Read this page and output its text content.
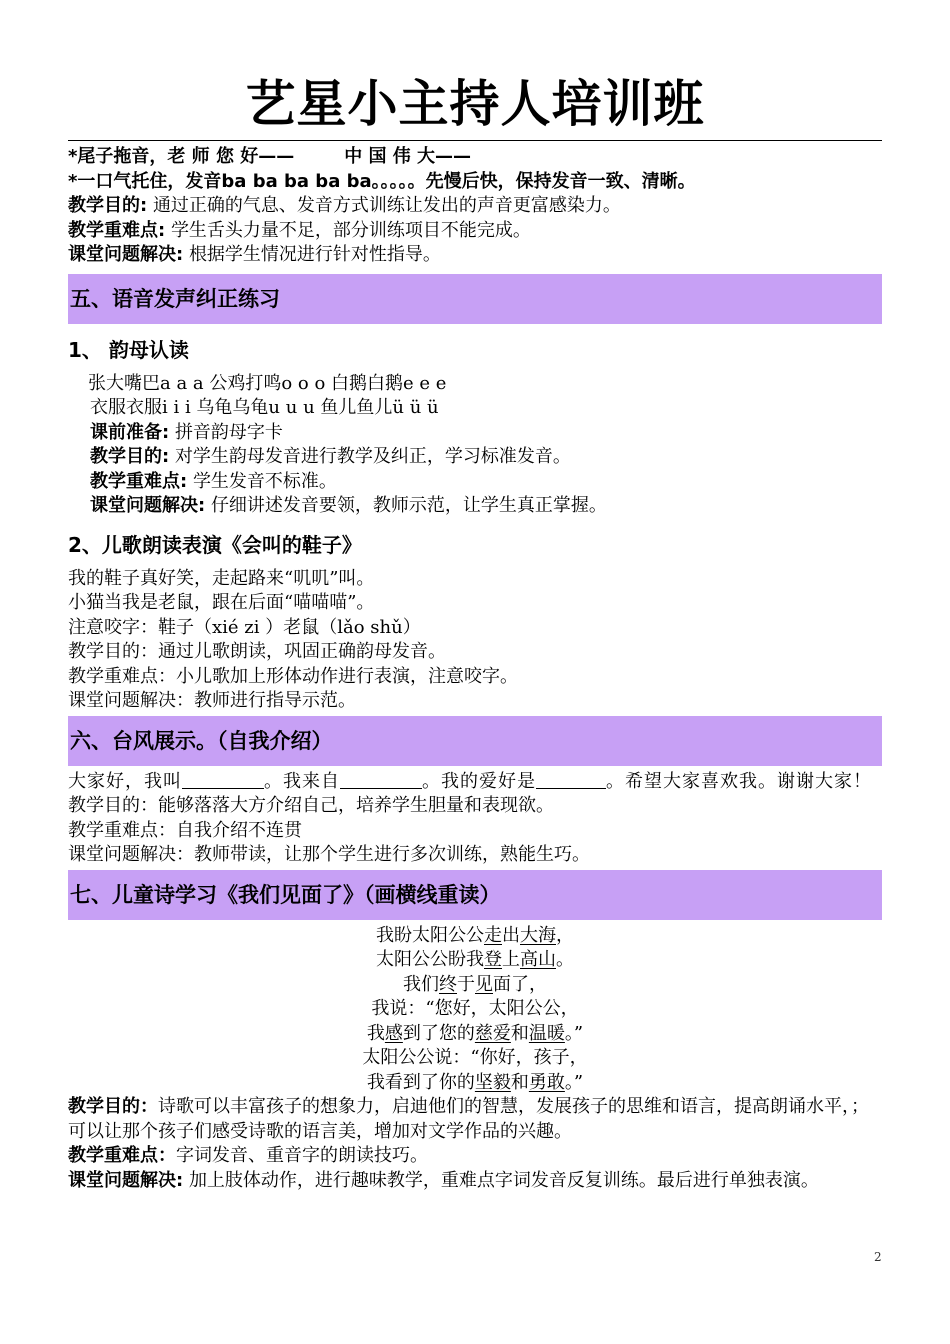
艺星小主持人培训班
*尾子拖音，老 师 您 好——	中 国 伟 大——
*一口气托住，发音ba ba ba ba ba。。。。。先慢后快，保持发音一致、清晰。
教学目的: 通过正确的气息、发音方式训练让发出的声音更富感染力。
教学重难点: 学生舌头力量不足，部分训练项目不能完成。
课堂问题解决: 根据学生情况进行针对性指导。
五、语音发声纠正练习
1、 韵母认读
张大嘴巴a a a 公鸡打鸣o o o 白鹅白鹅e e e
衣服衣服i i i 乌龟乌龟u u u 鱼儿鱼儿ü ü ü
课前准备: 拼音韵母字卡
教学目的: 对学生韵母发音进行教学及纠正，学习标准发音。
教学重难点: 学生发音不标准。
课堂问题解决: 仔细讲述发音要领，教师示范，让学生真正掌握。
2、儿歌朗读表演《会叫的鞋子》
我的鞋子真好笑，走起路来“叽叽”叫。
小猫当我是老鼠，跟在后面“喵喵喵”。
注意咬字：鞋子（xié zi ）老鼠（lǎo shǔ）
教学目的：通过儿歌朗读，巩固正确韵母发音。
教学重难点：小儿歌加上形体动作进行表演，注意咬字。
课堂问题解决：教师进行指导示范。
六、台风展示。（自我介绍）
大家好，我叫	。我来自	。我的爱好是	。希望大家喜欢我。谢谢大家！
教学目的：能够落落大方介绍自己，培养学生胆量和表现欲。
教学重难点：自我介绍不连贯
课堂问题解决：教师带读，让那个学生进行多次训练，熟能生巧。
七、儿童诗学习《我们见面了》（画横线重读）
我盼太阳公公走出大海，
太阳公公盼我登上高山。
我们终于见面了，
我说：“您好，太阳公公，
我感到了您的慈爱和温暖。”
太阳公公说：“你好，孩子，
我看到了你的坚毅和勇敢。”
教学目的：诗歌可以丰富孩子的想象力，启迪他们的智慧，发展孩子的思维和语言，提高朗诵水平，；可以让那个孩子们感受诗歌的语言美，增加对文学作品的兴趣。
教学重难点：字词发音、重音字的朗读技巧。
课堂问题解决: 加上肢体动作，进行趣味教学，重难点字词发音反复训练。最后进行单独表演。
2
